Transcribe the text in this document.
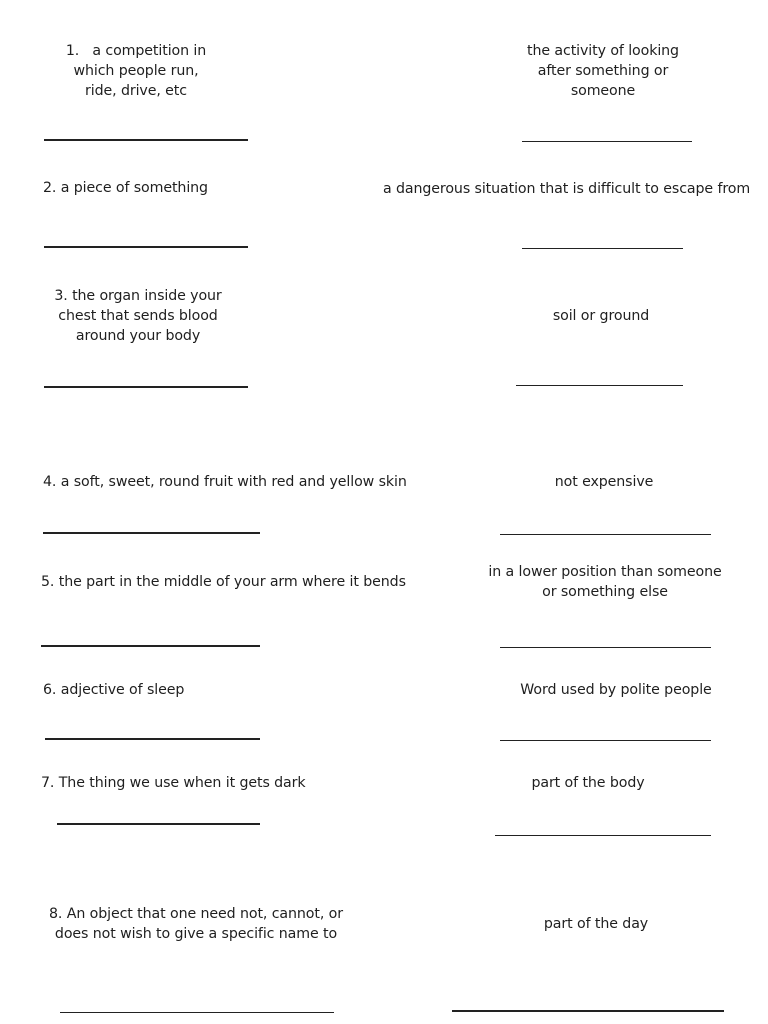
1.   a competition in
which people run,
ride, drive, etc
2. a piece of something
3. the organ inside your
chest that sends blood
around your body
4. a soft, sweet, round fruit with red and yellow skin
5. the part in the middle of your arm where it bends
6. adjective of sleep
7. The thing we use when it gets dark
8. An object that one need not, cannot, or
does not wish to give a specific name to
the activity of looking
after something or
someone
a dangerous situation that is difficult to escape from
soil or ground
not expensive
in a lower position than someone
or something else
Word used by polite people
part of the body
part of the day
